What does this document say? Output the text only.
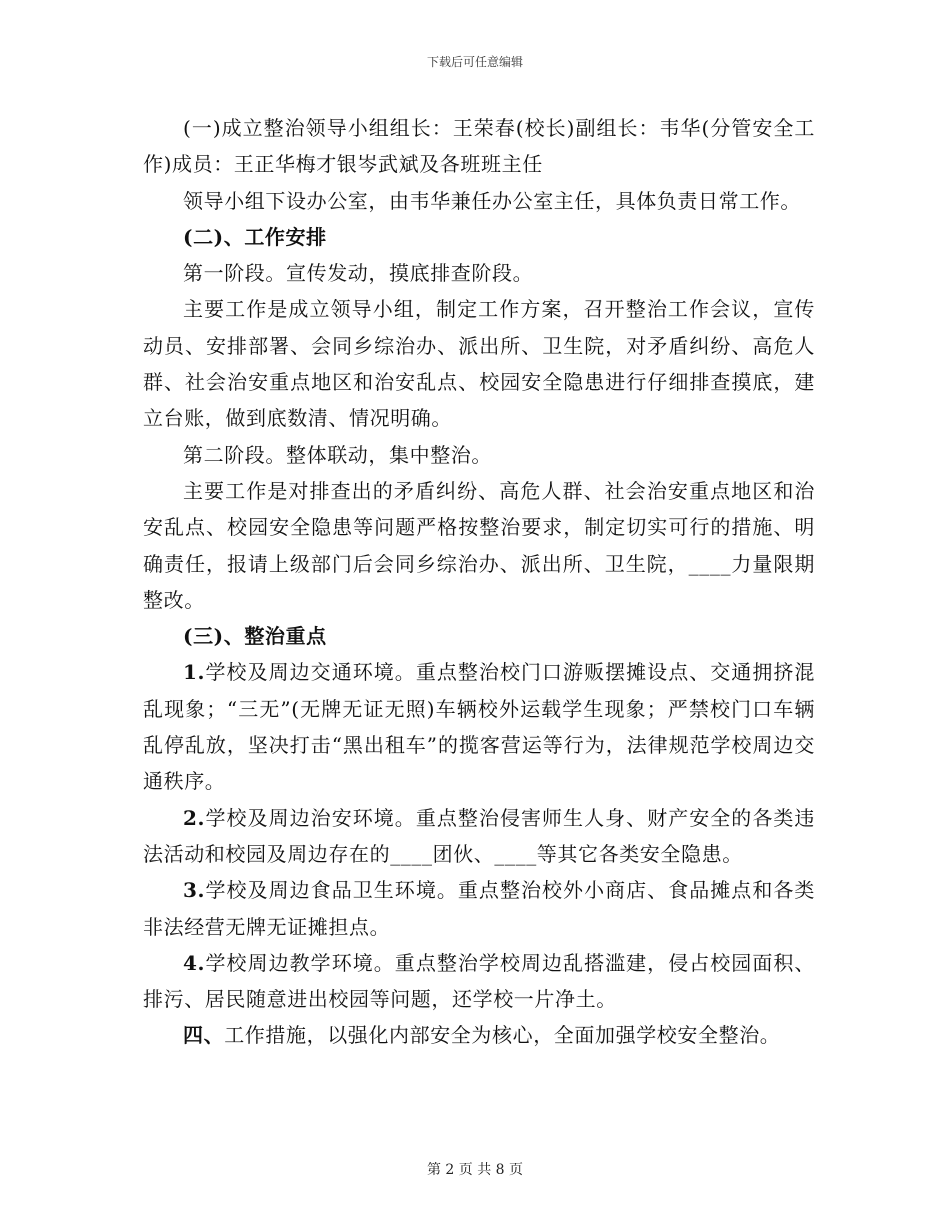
下载后可任意编辑

(一)成立整治领导小组组长：王荣春(校长)副组长：韦华(分管安全工作)成员：王正华梅才银岑武斌及各班班主任

领导小组下设办公室，由韦华兼任办公室主任，具体负责日常工作。

(二)、工作安排

第一阶段。宣传发动，摸底排查阶段。

主要工作是成立领导小组，制定工作方案，召开整治工作会议，宣传动员、安排部署、会同乡综治办、派出所、卫生院，对矛盾纠纷、高危人群、社会治安重点地区和治安乱点、校园安全隐患进行仔细排查摸底，建立台账，做到底数清、情况明确。

第二阶段。整体联动，集中整治。

主要工作是对排查出的矛盾纠纷、高危人群、社会治安重点地区和治安乱点、校园安全隐患等问题严格按整治要求，制定切实可行的措施、明确责任，报请上级部门后会同乡综治办、派出所、卫生院，____力量限期整改。

(三)、整治重点

1.学校及周边交通环境。重点整治校门口游贩摆摊设点、交通拥挤混乱现象；“三无”(无牌无证无照)车辆校外运载学生现象；严禁校门口车辆乱停乱放，坚决打击“黑出租车”的揽客营运等行为，法律规范学校周边交通秩序。

2.学校及周边治安环境。重点整治侵害师生人身、财产安全的各类违法活动和校园及周边存在的____团伙、____等其它各类安全隐患。

3.学校及周边食品卫生环境。重点整治校外小商店、食品摊点和各类非法经营无牌无证摊担点。

4.学校周边教学环境。重点整治学校周边乱搭滥建，侵占校园面积、排污、居民随意进出校园等问题，还学校一片净土。

四、工作措施，以强化内部安全为核心，全面加强学校安全整治。

第 2 页 共 8 页
